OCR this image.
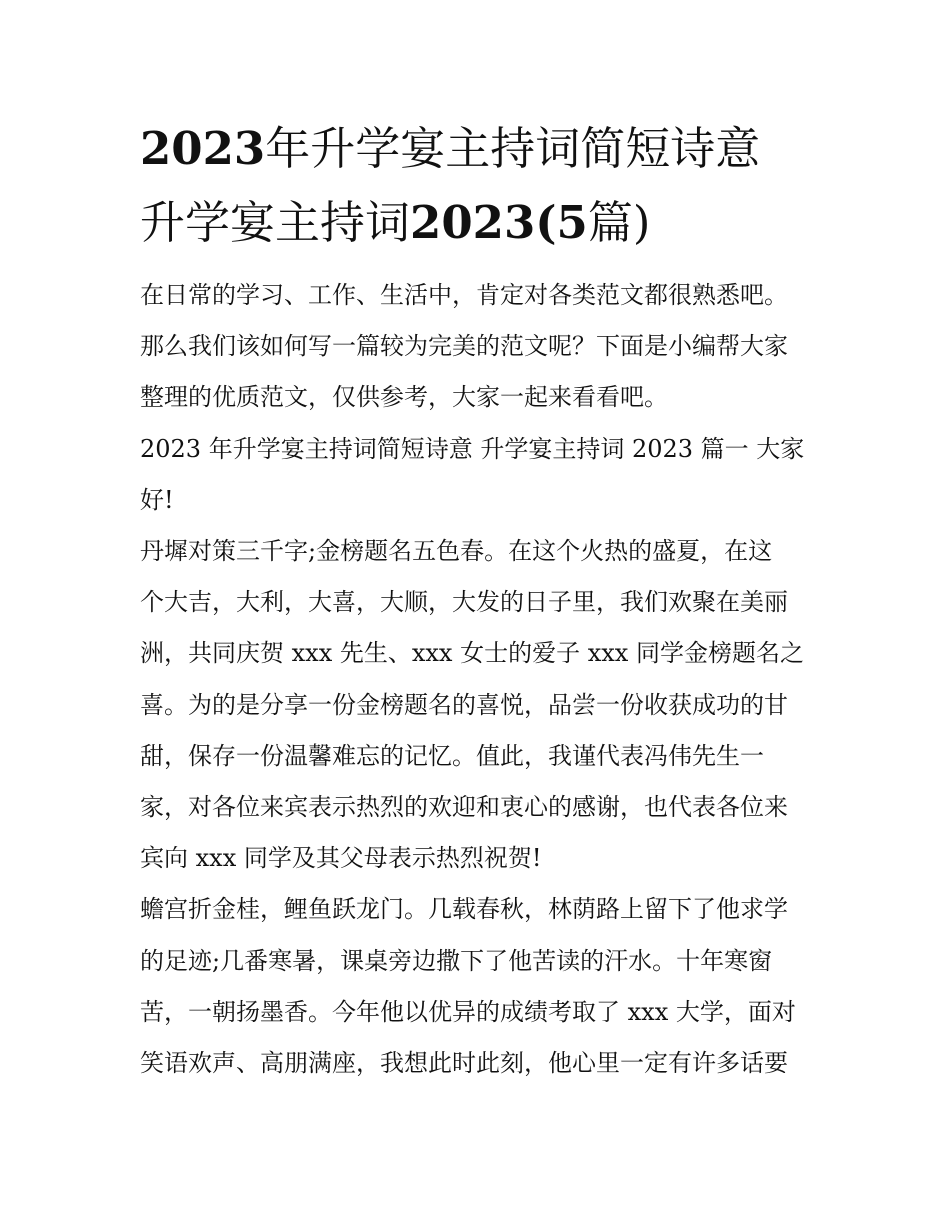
2023年升学宴主持词简短诗意
升学宴主持词2023(5篇)
在日常的学习、工作、生活中，肯定对各类范文都很熟悉吧。
那么我们该如何写一篇较为完美的范文呢？下面是小编帮大家
整理的优质范文，仅供参考，大家一起来看看吧。
2023 年升学宴主持词简短诗意 升学宴主持词 2023 篇一 大家
好!
丹墀对策三千字;金榜题名五色春。在这个火热的盛夏，在这
个大吉，大利，大喜，大顺，大发的日子里，我们欢聚在美丽
洲，共同庆贺 xxx 先生、xxx 女士的爱子 xxx 同学金榜题名之
喜。为的是分享一份金榜题名的喜悦，品尝一份收获成功的甘
甜，保存一份温馨难忘的记忆。值此，我谨代表冯伟先生一
家，对各位来宾表示热烈的欢迎和衷心的感谢，也代表各位来
宾向 xxx 同学及其父母表示热烈祝贺!
蟾宫折金桂，鲤鱼跃龙门。几载春秋，林荫路上留下了他求学
的足迹;几番寒暑，课桌旁边撒下了他苦读的汗水。十年寒窗
苦，一朝扬墨香。今年他以优异的成绩考取了 xxx 大学，面对
笑语欢声、高朋满座，我想此时此刻，他心里一定有许多话要
